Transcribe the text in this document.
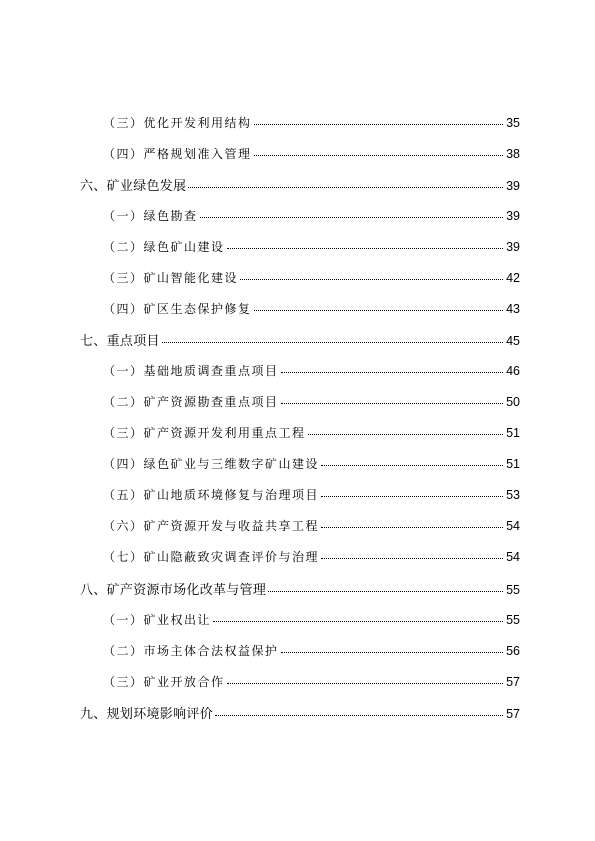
（三）优化开发利用结构	35
（四）严格规划准入管理	38
六、矿业绿色发展	39
（一）绿色勘查	39
（二）绿色矿山建设	39
（三）矿山智能化建设	42
（四）矿区生态保护修复	43
七、重点项目	45
（一）基础地质调查重点项目	46
（二）矿产资源勘查重点项目	50
（三）矿产资源开发利用重点工程	51
（四）绿色矿业与三维数字矿山建设	51
（五）矿山地质环境修复与治理项目	53
（六）矿产资源开发与收益共享工程	54
（七）矿山隐蔽致灾调查评价与治理	54
八、矿产资源市场化改革与管理	55
（一）矿业权出让	55
（二）市场主体合法权益保护	56
（三）矿业开放合作	57
九、规划环境影响评价	57
